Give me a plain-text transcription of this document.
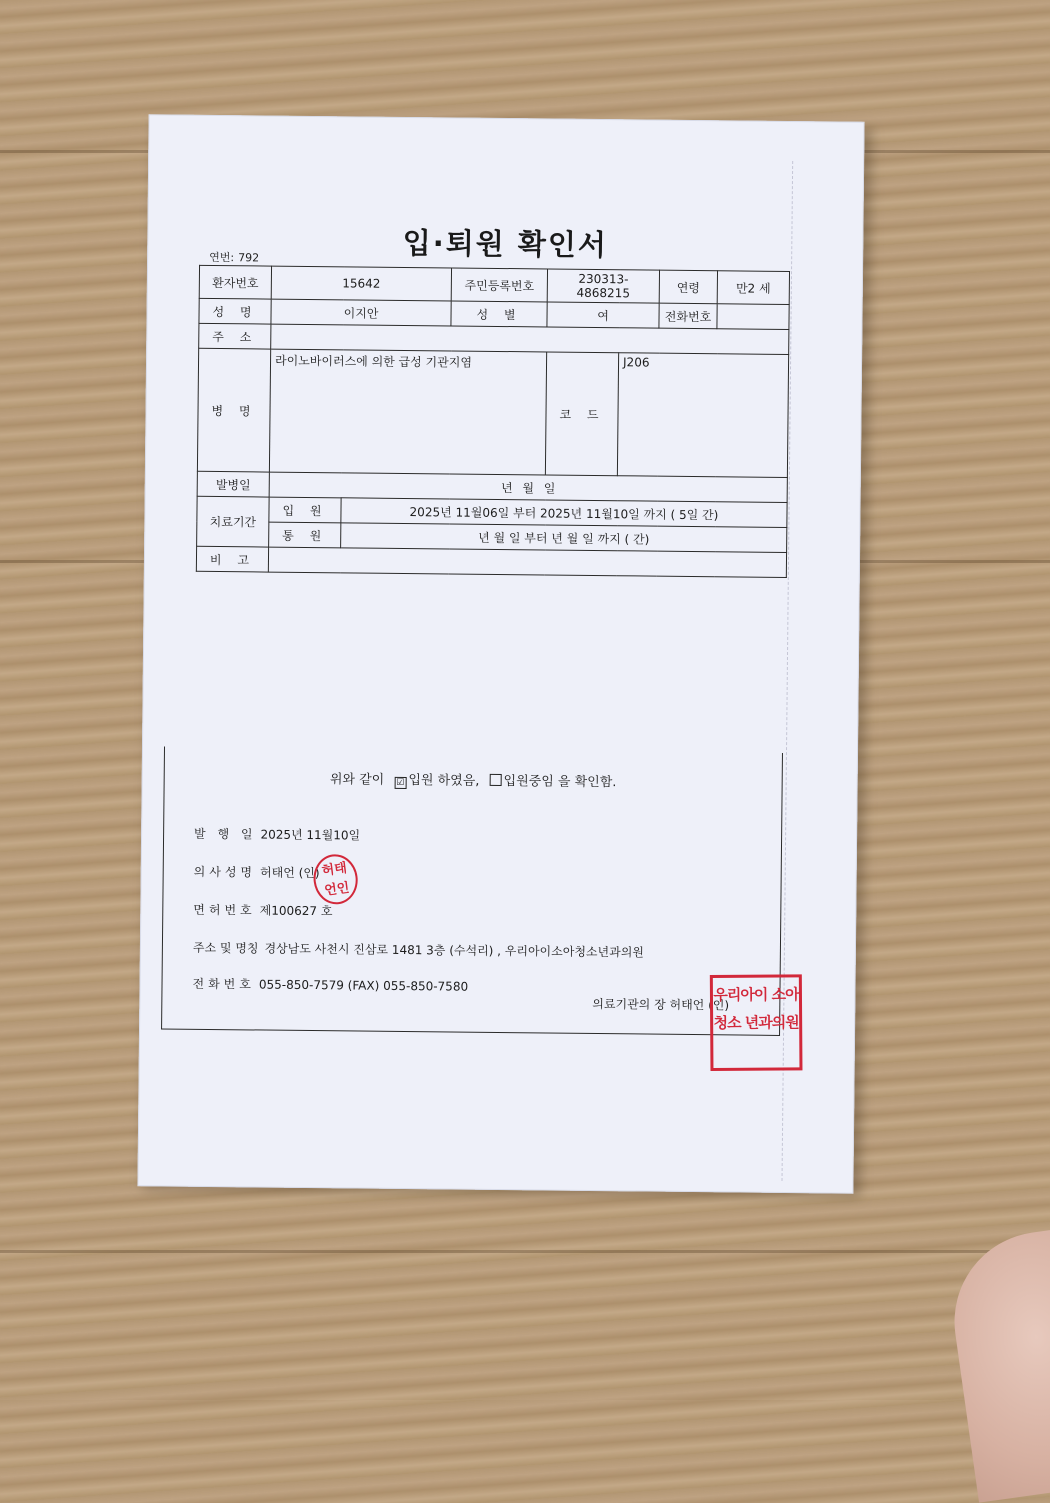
입·퇴원 확인서
연번: 792
환자번호	15642		주민등록번호	230313-4868215		연령	만2 세
성 명	이지안		성 별	여		전화번호	
주 소							
병 명	라이노바이러스에 의한 급성 기관지염			코 드	J206		
발병일	년 월 일						
치료기간	입 원	2025년 11월06일 부터 2025년 11월10일 까지 ( 5일 간)					
	통 원	년 월 일 부터 년 월 일 까지 ( 간)					
비 고							
위와 같이 ☑ 입원 하였음, 입원중임 을 확인함.
발 행 일 2025년 11월10일
의사성명 허태언 (인) 허태 언인
면허번호 제100627 호
주소 및 명칭 경상남도 사천시 진삼로 1481 3층 (수석리) , 우리아이소아청소년과의원
전화번호 055-850-7579 (FAX) 055-850-7580
의료기관의 장 허태언 (인)
우리아이 소아청소 년과의원
